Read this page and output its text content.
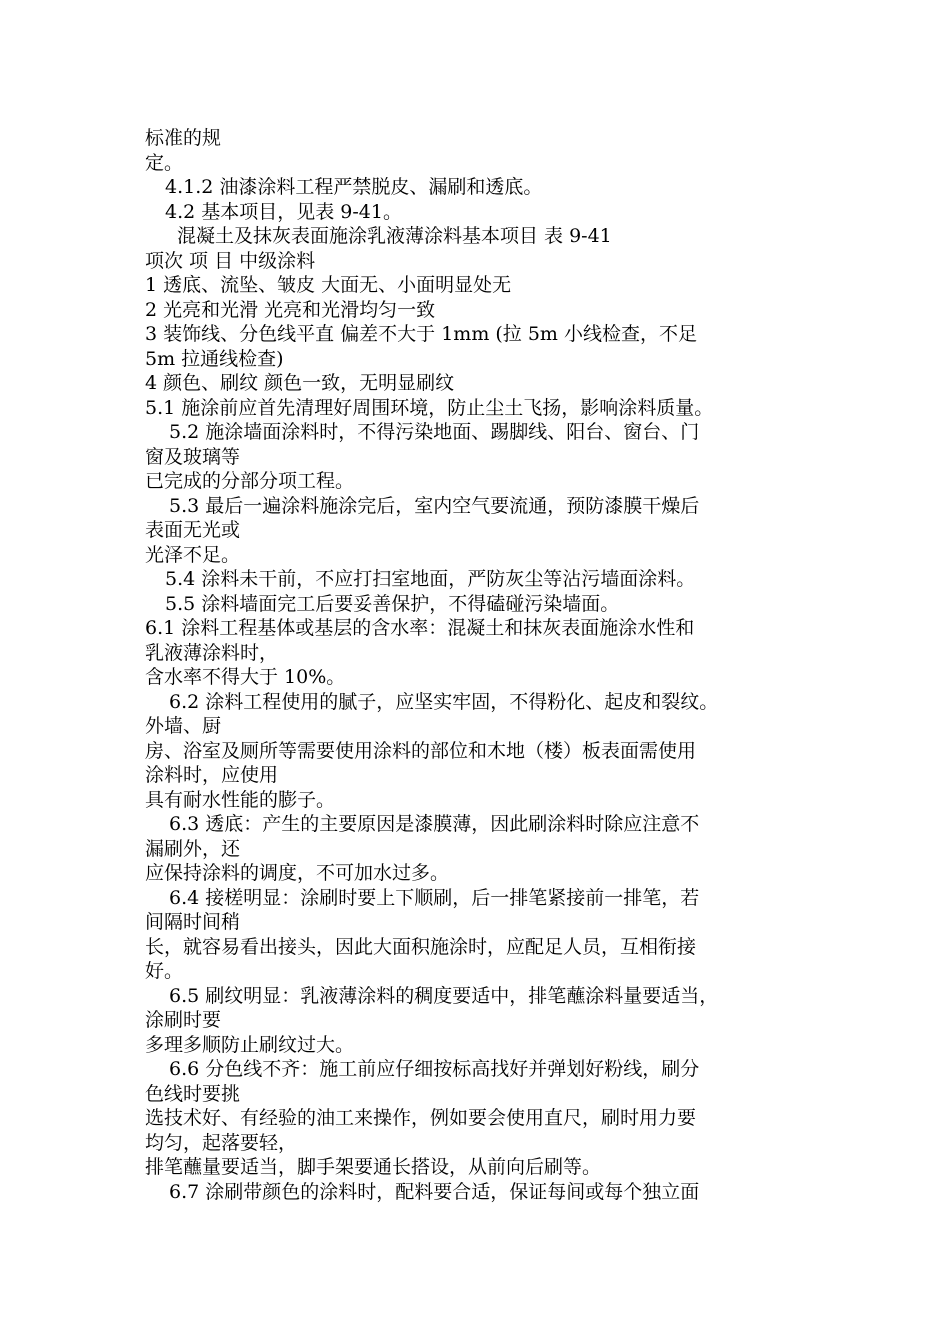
标准的规

定。

4.1.2 油漆涂料工程严禁脱皮、漏刷和透底。

4.2 基本项目，见表 9-41。

混凝土及抹灰表面施涂乳液薄涂料基本项目 表 9-41

项次 项 目 中级涂料

1 透底、流坠、皱皮 大面无、小面明显处无

2 光亮和光滑 光亮和光滑均匀一致

3 装饰线、分色线平直 偏差不大于 1mm (拉 5m 小线检查，不足

5m 拉通线检查)

4 颜色、刷纹 颜色一致，无明显刷纹

5.1 施涂前应首先清理好周围环境，防止尘土飞扬，影响涂料质量。

5.2 施涂墙面涂料时，不得污染地面、踢脚线、阳台、窗台、门

窗及玻璃等

已完成的分部分项工程。

5.3 最后一遍涂料施涂完后，室内空气要流通，预防漆膜干燥后

表面无光或

光泽不足。

5.4 涂料未干前，不应打扫室地面，严防灰尘等沾污墙面涂料。

5.5 涂料墙面完工后要妥善保护，不得磕碰污染墙面。

6.1 涂料工程基体或基层的含水率：混凝土和抹灰表面施涂水性和

乳液薄涂料时，

含水率不得大于 10%。

6.2 涂料工程使用的腻子，应坚实牢固，不得粉化、起皮和裂纹。

外墙、厨

房、浴室及厕所等需要使用涂料的部位和木地（楼）板表面需使用

涂料时，应使用

具有耐水性能的膨子。

6.3 透底：产生的主要原因是漆膜薄，因此刷涂料时除应注意不

漏刷外，还

应保持涂料的调度，不可加水过多。

6.4 接槎明显：涂刷时要上下顺刷，后一排笔紧接前一排笔，若

间隔时间稍

长，就容易看出接头，因此大面积施涂时，应配足人员，互相衔接

好。

6.5 刷纹明显：乳液薄涂料的稠度要适中，排笔蘸涂料量要适当，

涂刷时要

多理多顺防止刷纹过大。

6.6 分色线不齐：施工前应仔细按标高找好并弹划好粉线，刷分

色线时要挑

选技术好、有经验的油工来操作，例如要会使用直尺，刷时用力要

均匀，起落要轻，

排笔蘸量要适当，脚手架要通长搭设，从前向后刷等。

6.7 涂刷带颜色的涂料时，配料要合适，保证每间或每个独立面
